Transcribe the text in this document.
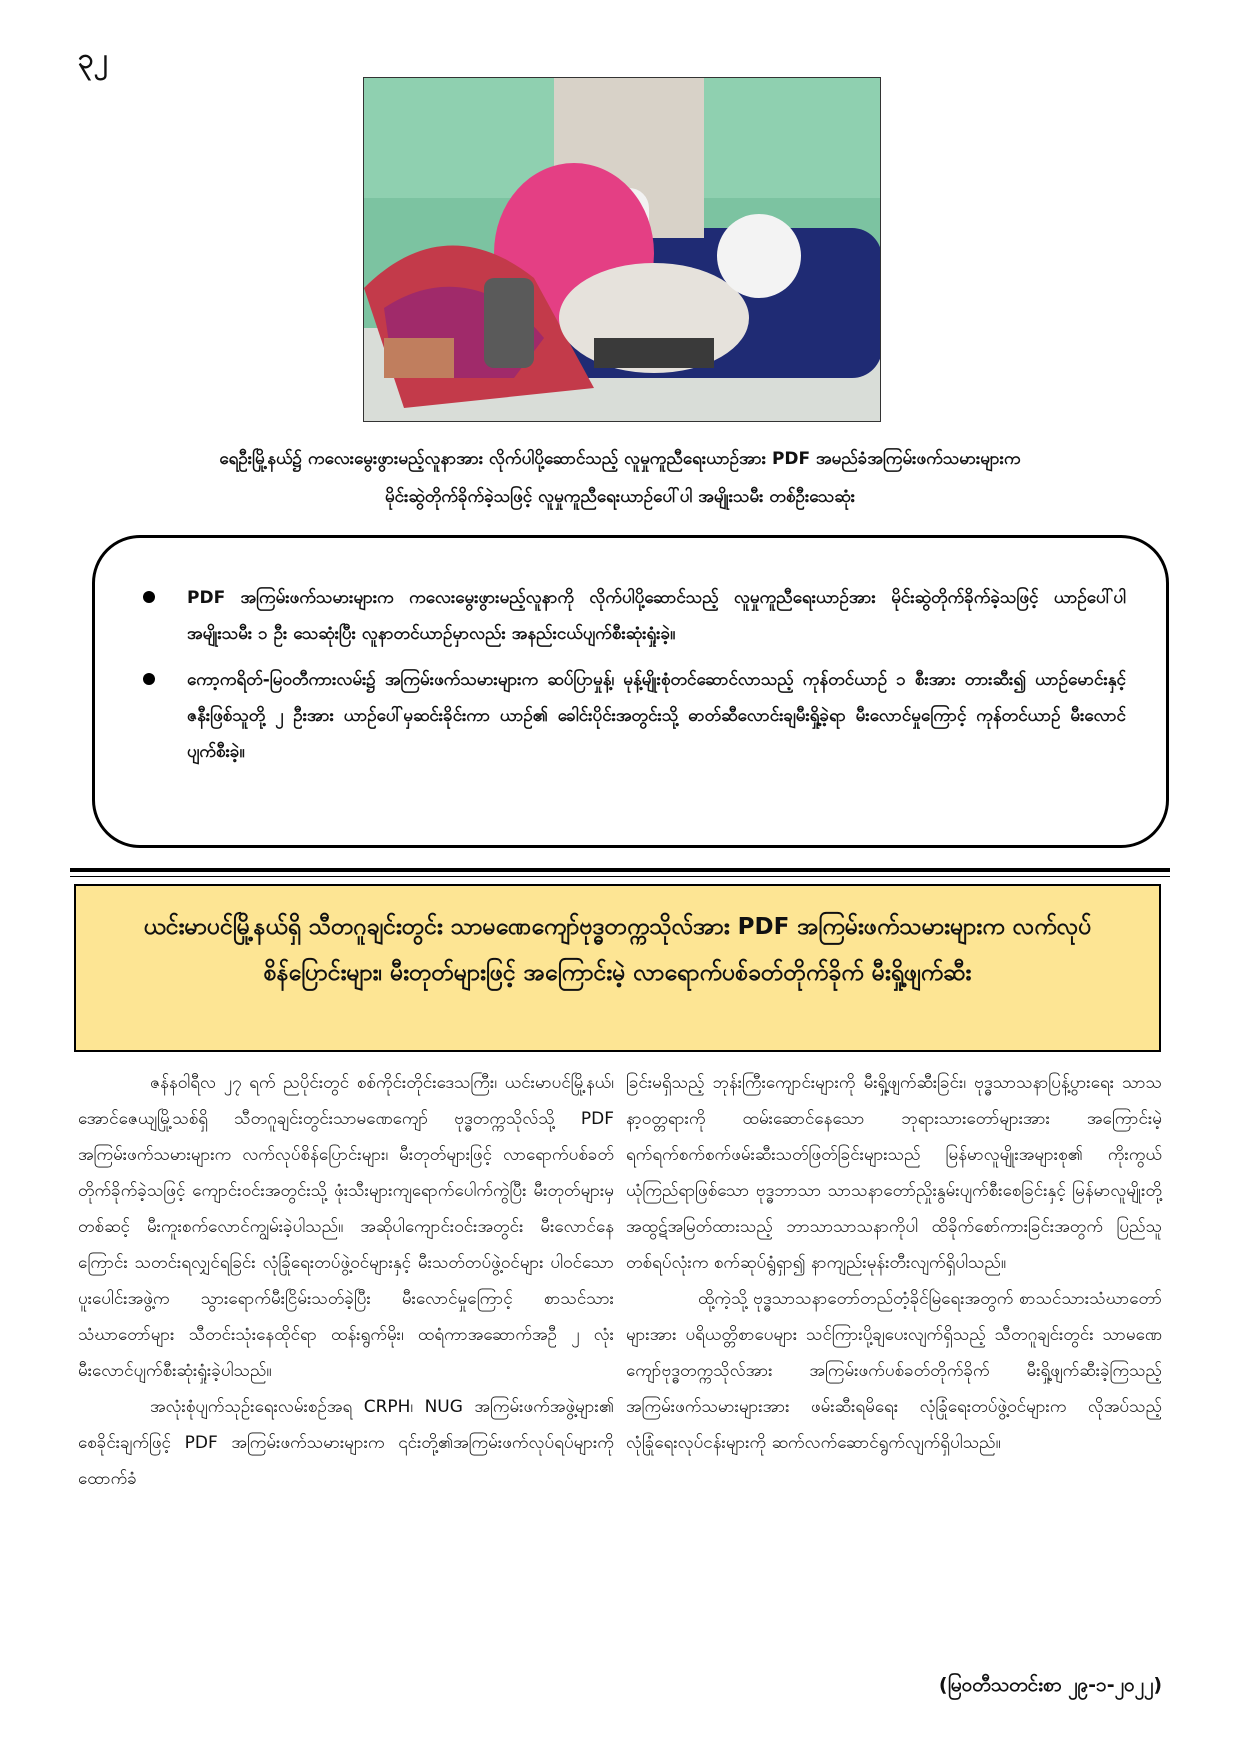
၃၂
ရေဦးမြို့နယ်၌ ကလေးမွေးဖွားမည့်လူနာအား လိုက်ပါပို့ဆောင်သည့် လူမှုကူညီရေးယာဉ်အား PDF အမည်ခံအကြမ်းဖက်သမားများက
မိုင်းဆွဲတိုက်ခိုက်ခဲ့သဖြင့် လူမှုကူညီရေးယာဉ်ပေါ်ပါ အမျိုးသမီး တစ်ဦးသေဆုံး
PDF အကြမ်းဖက်သမားများက ကလေးမွေးဖွားမည့်လူနာကို လိုက်ပါပို့ဆောင်သည့် လူမှုကူညီရေးယာဉ်အား မိုင်းဆွဲတိုက်ခိုက်ခဲ့သဖြင့် ယာဉ်ပေါ်ပါအမျိုးသမီး ၁ ဦး သေဆုံးပြီး လူနာတင်ယာဉ်မှာလည်း အနည်းငယ်ပျက်စီးဆုံးရှုံးခဲ့။
ကော့ကရိတ်-မြဝတီကားလမ်း၌ အကြမ်းဖက်သမားများက ဆပ်ပြာမှုန့်၊ မုန့်မျိုးစုံတင်ဆောင်လာသည့် ကုန်တင်ယာဉ် ၁ စီးအား တားဆီး၍ ယာဉ်မောင်းနှင့် ဇနီးဖြစ်သူတို့ ၂ ဦးအား ယာဉ်ပေါ်မှဆင်းခိုင်းကာ ယာဉ်၏ ခေါင်းပိုင်းအတွင်းသို့ ဓာတ်ဆီလောင်းချမီးရှို့ခဲ့ရာ မီးလောင်မှုကြောင့် ကုန်တင်ယာဉ် မီးလောင်ပျက်စီးခဲ့။
ယင်းမာပင်မြို့နယ်ရှိ သီတဂူချင်းတွင်း သာမဏေကျော်ဗုဒ္ဓတက္ကသိုလ်အား PDF အကြမ်းဖက်သမားများက လက်လုပ်စိန်ပြောင်းများ၊ မီးတုတ်များဖြင့် အကြောင်းမဲ့ လာရောက်ပစ်ခတ်တိုက်ခိုက် မီးရှို့ဖျက်ဆီး

ဇန်နဝါရီလ ၂၇ ရက် ညပိုင်းတွင် စစ်ကိုင်းတိုင်းဒေသကြီး၊ ယင်းမာပင်မြို့နယ်၊ အောင်ဇေယျမြို့သစ်ရှိ သီတဂူချင်းတွင်းသာမဏေကျော် ဗုဒ္ဓတက္ကသိုလ်သို့ PDF အကြမ်းဖက်သမားများက လက်လုပ်စိန်ပြောင်းများ၊ မီးတုတ်များဖြင့် လာရောက်ပစ်ခတ်တိုက်ခိုက်ခဲ့သဖြင့် ကျောင်းဝင်းအတွင်းသို့ ဖုံးသီးများကျရောက်ပေါက်ကွဲပြီး မီးတုတ်များမှတစ်ဆင့် မီးကူးစက်လောင်ကျွမ်းခဲ့ပါသည်။ အဆိုပါကျောင်းဝင်းအတွင်း မီးလောင်နေကြောင်း သတင်းရလျှင်ရခြင်း လုံခြုံရေးတပ်ဖွဲ့ဝင်များနှင့် မီးသတ်တပ်ဖွဲ့ဝင်များ ပါဝင်သောပူးပေါင်းအဖွဲ့က သွားရောက်မီးငြိမ်းသတ်ခဲ့ပြီး မီးလောင်မှုကြောင့် စာသင်သား သံဃာတော်များ သီတင်းသုံးနေထိုင်ရာ ထန်းရွက်မိုး၊ ထရံကာအဆောက်အဦ ၂ လုံး မီးလောင်ပျက်စီးဆုံးရှုံးခဲ့ပါသည်။

အလုံးစုံပျက်သုဉ်းရေးလမ်းစဉ်အရ CRPH၊ NUG အကြမ်းဖက်အဖွဲ့များ၏ စေခိုင်းချက်ဖြင့် PDF အကြမ်းဖက်သမားများက ၎င်းတို့၏အကြမ်းဖက်လုပ်ရပ်များကို ထောက်ခံ

ခြင်းမရှိသည့် ဘုန်းကြီးကျောင်းများကို မီးရှို့ဖျက်ဆီးခြင်း၊ ဗုဒ္ဓသာသနာပြန့်ပွားရေး သာသနာ့ဝတ္တရားကို ထမ်းဆောင်နေသော ဘုရားသားတော်များအား အကြောင်းမဲ့ ရက်ရက်စက်စက်ဖမ်းဆီးသတ်ဖြတ်ခြင်းများသည် မြန်မာလူမျိုးအများစု၏ ကိုးကွယ်ယုံကြည်ရာဖြစ်သော ဗုဒ္ဓဘာသာ သာသနာတော်ညှိုးနွမ်းပျက်စီးစေခြင်းနှင့် မြန်မာလူမျိုးတို့ အထွဋ်အမြတ်ထားသည့် ဘာသာသာသနာကိုပါ ထိခိုက်စော်ကားခြင်းအတွက် ပြည်သူတစ်ရပ်လုံးက စက်ဆုပ်ရွံရှာ၍ နာကျည်းမုန်းတီးလျက်ရှိပါသည်။

ထို့ကဲ့သို့ ဗုဒ္ဓသာသနာတော်တည်တံ့ခိုင်မြဲရေးအတွက် စာသင်သားသံဃာတော်များအား ပရိယတ္တိစာပေများ သင်ကြားပို့ချပေးလျက်ရှိသည့် သီတဂူချင်းတွင်း သာမဏေကျော်ဗုဒ္ဓတက္ကသိုလ်အား အကြမ်းဖက်ပစ်ခတ်တိုက်ခိုက် မီးရှို့ဖျက်ဆီးခဲ့ကြသည့် အကြမ်းဖက်သမားများအား ဖမ်းဆီးရမိရေး လုံခြုံရေးတပ်ဖွဲ့ဝင်များက လိုအပ်သည့် လုံခြုံရေးလုပ်ငန်းများကို ဆက်လက်ဆောင်ရွက်လျက်ရှိပါသည်။

(မြဝတီသတင်းစာ ၂၉-၁-၂၀၂၂)
